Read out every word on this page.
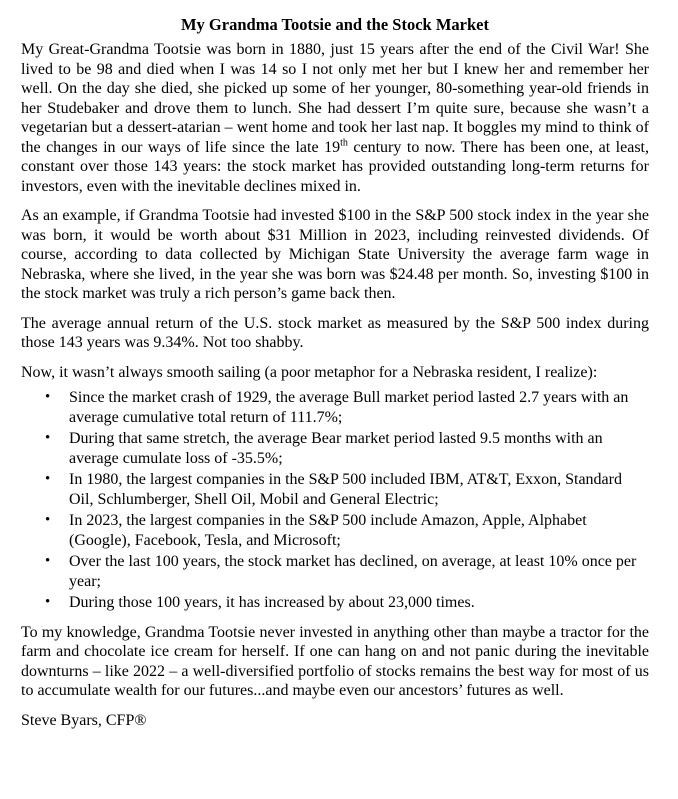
My Grandma Tootsie and the Stock Market

My Great-Grandma Tootsie was born in 1880, just 15 years after the end of the Civil War! She lived to be 98 and died when I was 14 so I not only met her but I knew her and remember her well. On the day she died, she picked up some of her younger, 80-something year-old friends in her Studebaker and drove them to lunch. She had dessert I’m quite sure, because she wasn’t a vegetarian but a dessert-atarian – went home and took her last nap. It boggles my mind to think of the changes in our ways of life since the late 19th century to now. There has been one, at least, constant over those 143 years: the stock market has provided outstanding long-term returns for investors, even with the inevitable declines mixed in.

As an example, if Grandma Tootsie had invested $100 in the S&P 500 stock index in the year she was born, it would be worth about $31 Million in 2023, including reinvested dividends. Of course, according to data collected by Michigan State University the average farm wage in Nebraska, where she lived, in the year she was born was $24.48 per month. So, investing $100 in the stock market was truly a rich person’s game back then.

The average annual return of the U.S. stock market as measured by the S&P 500 index during those 143 years was 9.34%. Not too shabby.

Now, it wasn’t always smooth sailing (a poor metaphor for a Nebraska resident, I realize):

• Since the market crash of 1929, the average Bull market period lasted 2.7 years with an average cumulative total return of 111.7%;
• During that same stretch, the average Bear market period lasted 9.5 months with an average cumulate loss of -35.5%;
• In 1980, the largest companies in the S&P 500 included IBM, AT&T, Exxon, Standard Oil, Schlumberger, Shell Oil, Mobil and General Electric;
• In 2023, the largest companies in the S&P 500 include Amazon, Apple, Alphabet (Google), Facebook, Tesla, and Microsoft;
• Over the last 100 years, the stock market has declined, on average, at least 10% once per year;
• During those 100 years, it has increased by about 23,000 times.

To my knowledge, Grandma Tootsie never invested in anything other than maybe a tractor for the farm and chocolate ice cream for herself. If one can hang on and not panic during the inevitable downturns – like 2022 – a well-diversified portfolio of stocks remains the best way for most of us to accumulate wealth for our futures...and maybe even our ancestors’ futures as well.

Steve Byars, CFP®
